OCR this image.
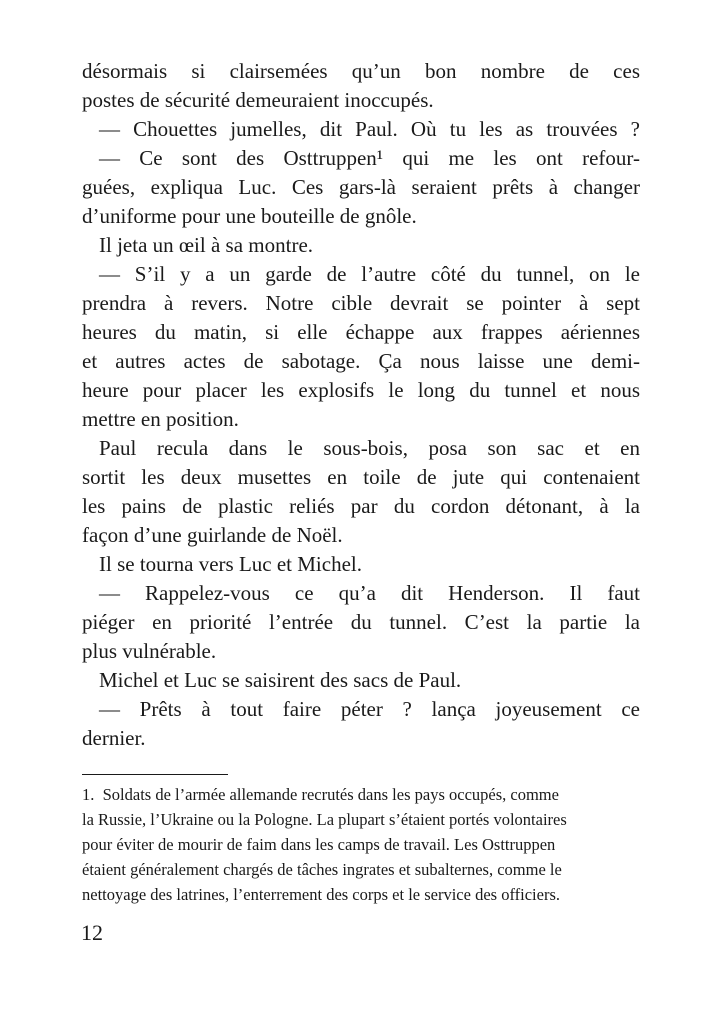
désormais si clairsemées qu’un bon nombre de ces
postes de sécurité demeuraient inoccupés.
— Chouettes jumelles, dit Paul. Où tu les as trouvées ?
— Ce sont des Osttruppen¹ qui me les ont refour-
guées, expliqua Luc. Ces gars-là seraient prêts à changer
d’uniforme pour une bouteille de gnôle.
Il jeta un œil à sa montre.
— S’il y a un garde de l’autre côté du tunnel, on le
prendra à revers. Notre cible devrait se pointer à sept
heures du matin, si elle échappe aux frappes aériennes
et autres actes de sabotage. Ça nous laisse une demi-
heure pour placer les explosifs le long du tunnel et nous
mettre en position.
Paul recula dans le sous-bois, posa son sac et en
sortit les deux musettes en toile de jute qui contenaient
les pains de plastic reliés par du cordon détonant, à la
façon d’une guirlande de Noël.
Il se tourna vers Luc et Michel.
— Rappelez-vous ce qu’a dit Henderson. Il faut
piéger en priorité l’entrée du tunnel. C’est la partie la
plus vulnérable.
Michel et Luc se saisirent des sacs de Paul.
— Prêts à tout faire péter ? lança joyeusement ce
dernier.
1. Soldats de l’armée allemande recrutés dans les pays occupés, comme
la Russie, l’Ukraine ou la Pologne. La plupart s’étaient portés volontaires
pour éviter de mourir de faim dans les camps de travail. Les Osttruppen
étaient généralement chargés de tâches ingrates et subalternes, comme le
nettoyage des latrines, l’enterrement des corps et le service des officiers.
12
